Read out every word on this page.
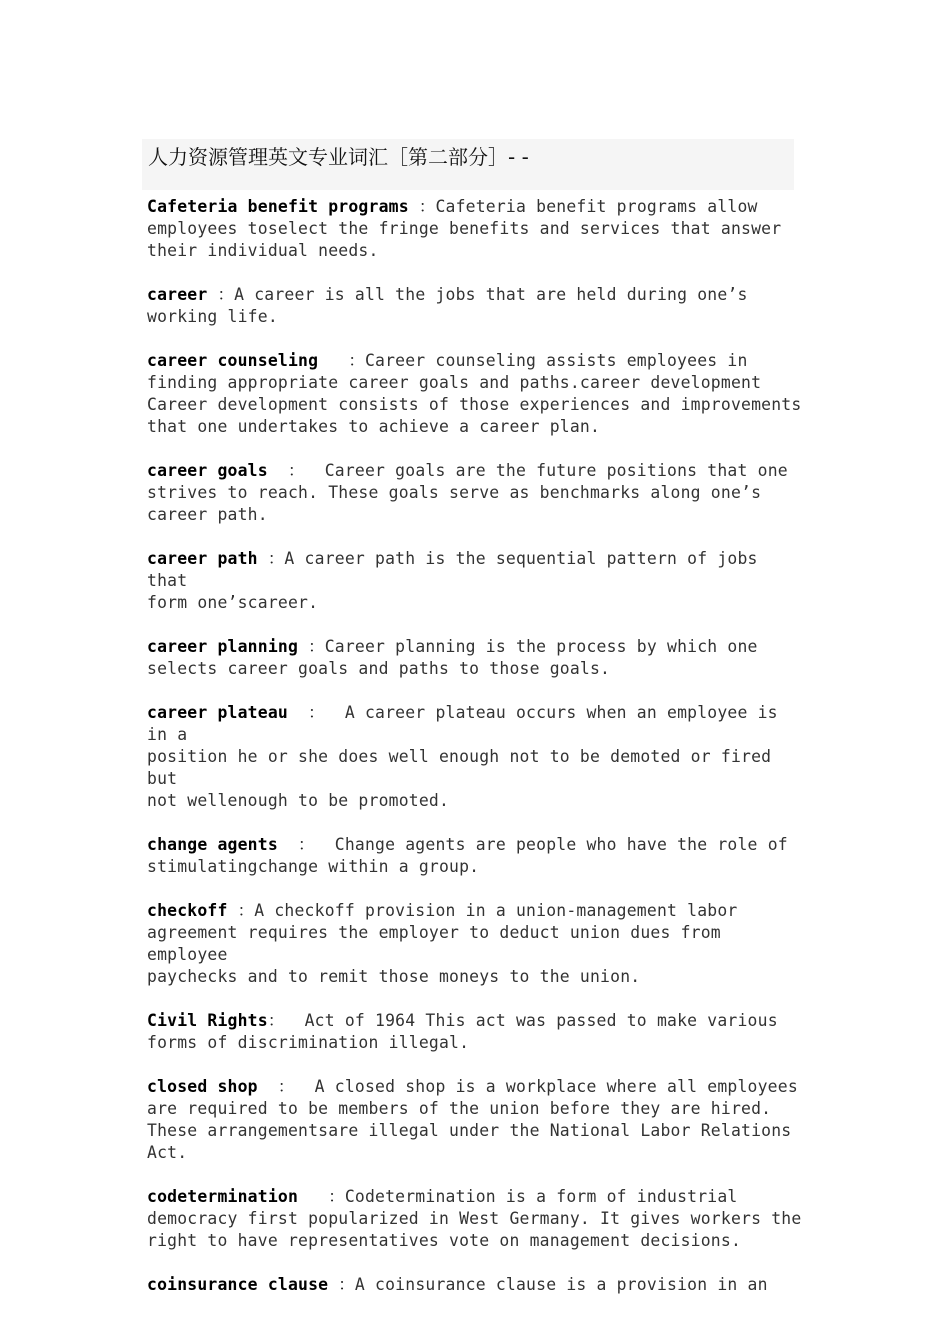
人力资源管理英文专业词汇［第二部分］- -

Cafeteria benefit programs ：Cafeteria benefit programs allow
employees toselect the fringe benefits and services that answer
their individual needs.

career ：A career is all the jobs that are held during one’s
working life.

career counseling   ：Career counseling assists employees in
finding appropriate career goals and paths.career development
Career development consists of those experiences and improvements
that one undertakes to achieve a career plan.

career goals  ：  Career goals are the future positions that one
strives to reach. These goals serve as benchmarks along one’s
career path.

career path ：A career path is the sequential pattern of jobs that
form one’scareer.

career planning ：Career planning is the process by which one
selects career goals and paths to those goals.

career plateau  ：  A career plateau occurs when an employee is in a
position he or she does well enough not to be demoted or fired but
not wellenough to be promoted.

change agents  ：  Change agents are people who have the role of
stimulatingchange within a group.

checkoff ：A checkoff provision in a union-management labor
agreement requires the employer to deduct union dues from employee
paychecks and to remit those moneys to the union.

Civil Rights：  Act of 1964 This act was passed to make various
forms of discrimination illegal.

closed shop  ：  A closed shop is a workplace where all employees
are required to be members of the union before they are hired.
These arrangementsare illegal under the National Labor Relations
Act.

codetermination   ：Codetermination is a form of industrial
democracy first popularized in West Germany. It gives workers the
right to have representatives vote on management decisions.

coinsurance clause ：A coinsurance clause is a provision in an
